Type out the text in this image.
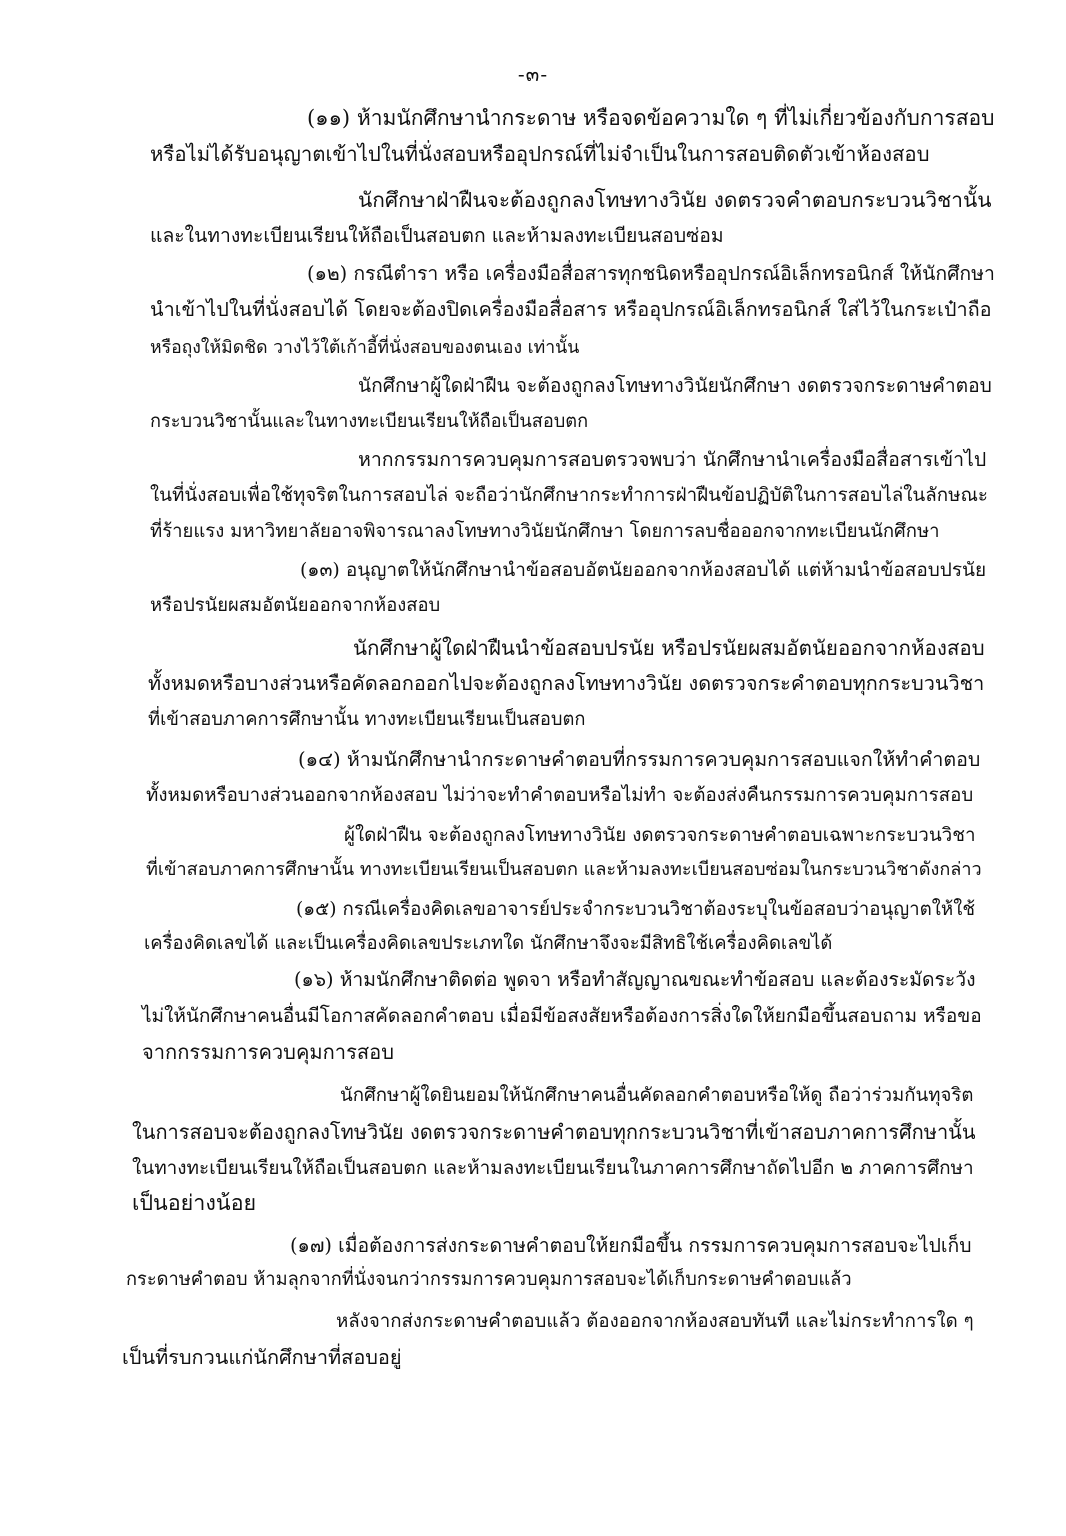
-๓-
(๑๑) ห้ามนักศึกษานำกระดาษ หรือจดข้อความใด ๆ ที่ไม่เกี่ยวข้องกับการสอบ
หรือไม่ได้รับอนุญาตเข้าไปในที่นั่งสอบหรืออุปกรณ์ที่ไม่จำเป็นในการสอบติดตัวเข้าห้องสอบ
นักศึกษาฝ่าฝืนจะต้องถูกลงโทษทางวินัย งดตรวจคำตอบกระบวนวิชานั้น
และในทางทะเบียนเรียนให้ถือเป็นสอบตก และห้ามลงทะเบียนสอบซ่อม
(๑๒) กรณีตำรา หรือ เครื่องมือสื่อสารทุกชนิดหรืออุปกรณ์อิเล็กทรอนิกส์ ให้นักศึกษา
นำเข้าไปในที่นั่งสอบได้ โดยจะต้องปิดเครื่องมือสื่อสาร หรืออุปกรณ์อิเล็กทรอนิกส์ ใส่ไว้ในกระเป๋าถือ
หรือถุงให้มิดชิด วางไว้ใต้เก้าอี้ที่นั่งสอบของตนเอง เท่านั้น
นักศึกษาผู้ใดฝ่าฝืน จะต้องถูกลงโทษทางวินัยนักศึกษา งดตรวจกระดาษคำตอบ
กระบวนวิชานั้นและในทางทะเบียนเรียนให้ถือเป็นสอบตก
หากกรรมการควบคุมการสอบตรวจพบว่า นักศึกษานำเครื่องมือสื่อสารเข้าไป
ในที่นั่งสอบเพื่อใช้ทุจริตในการสอบไล่ จะถือว่านักศึกษากระทำการฝ่าฝืนข้อปฏิบัติในการสอบไล่ในลักษณะ
ที่ร้ายแรง มหาวิทยาลัยอาจพิจารณาลงโทษทางวินัยนักศึกษา โดยการลบชื่อออกจากทะเบียนนักศึกษา
(๑๓) อนุญาตให้นักศึกษานำข้อสอบอัตนัยออกจากห้องสอบได้ แต่ห้ามนำข้อสอบปรนัย
หรือปรนัยผสมอัตนัยออกจากห้องสอบ
นักศึกษาผู้ใดฝ่าฝืนนำข้อสอบปรนัย หรือปรนัยผสมอัตนัยออกจากห้องสอบ
ทั้งหมดหรือบางส่วนหรือคัดลอกออกไปจะต้องถูกลงโทษทางวินัย งดตรวจกระคำตอบทุกกระบวนวิชา
ที่เข้าสอบภาคการศึกษานั้น ทางทะเบียนเรียนเป็นสอบตก
(๑๔) ห้ามนักศึกษานำกระดาษคำตอบที่กรรมการควบคุมการสอบแจกให้ทำคำตอบ
ทั้งหมดหรือบางส่วนออกจากห้องสอบ ไม่ว่าจะทำคำตอบหรือไม่ทำ จะต้องส่งคืนกรรมการควบคุมการสอบ
ผู้ใดฝ่าฝืน จะต้องถูกลงโทษทางวินัย งดตรวจกระดาษคำตอบเฉพาะกระบวนวิชา
ที่เข้าสอบภาคการศึกษานั้น ทางทะเบียนเรียนเป็นสอบตก และห้ามลงทะเบียนสอบซ่อมในกระบวนวิชาดังกล่าว
(๑๕) กรณีเครื่องคิดเลขอาจารย์ประจำกระบวนวิชาต้องระบุในข้อสอบว่าอนุญาตให้ใช้
เครื่องคิดเลขได้ และเป็นเครื่องคิดเลขประเภทใด นักศึกษาจึงจะมีสิทธิใช้เครื่องคิดเลขได้
(๑๖) ห้ามนักศึกษาติดต่อ พูดจา หรือทำสัญญาณขณะทำข้อสอบ และต้องระมัดระวัง
ไม่ให้นักศึกษาคนอื่นมีโอกาสคัดลอกคำตอบ เมื่อมีข้อสงสัยหรือต้องการสิ่งใดให้ยกมือขึ้นสอบถาม หรือขอ
จากกรรมการควบคุมการสอบ
นักศึกษาผู้ใดยินยอมให้นักศึกษาคนอื่นคัดลอกคำตอบหรือให้ดู ถือว่าร่วมกันทุจริต
ในการสอบจะต้องถูกลงโทษวินัย งดตรวจกระดาษคำตอบทุกกระบวนวิชาที่เข้าสอบภาคการศึกษานั้น
ในทางทะเบียนเรียนให้ถือเป็นสอบตก และห้ามลงทะเบียนเรียนในภาคการศึกษาถัดไปอีก ๒ ภาคการศึกษา
เป็นอย่างน้อย
(๑๗) เมื่อต้องการส่งกระดาษคำตอบให้ยกมือขึ้น กรรมการควบคุมการสอบจะไปเก็บ
กระดาษคำตอบ ห้ามลุกจากที่นั่งจนกว่ากรรมการควบคุมการสอบจะได้เก็บกระดาษคำตอบแล้ว
หลังจากส่งกระดาษคำตอบแล้ว ต้องออกจากห้องสอบทันที และไม่กระทำการใด ๆ
เป็นที่รบกวนแก่นักศึกษาที่สอบอยู่
